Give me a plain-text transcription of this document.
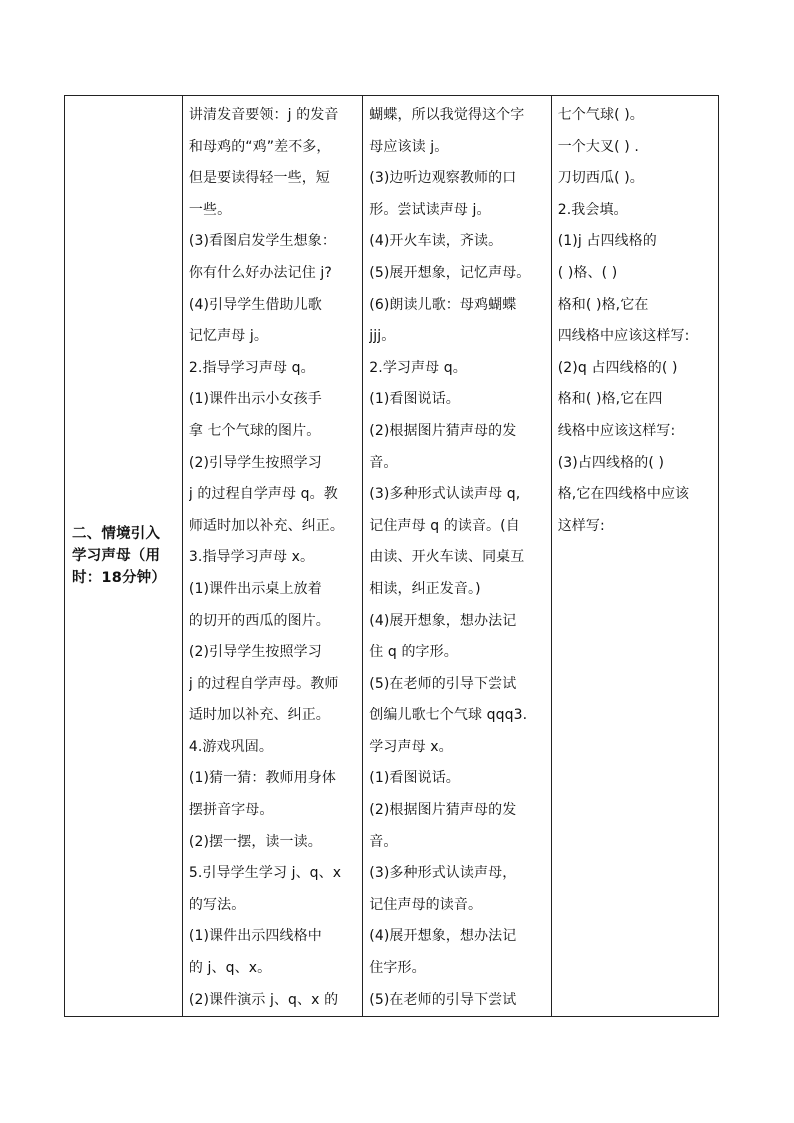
二、情境引入
学习声母（用
时：18分钟）

讲清发音要领：j 的发音
和母鸡的“鸡”差不多，
但是要读得轻一些，短
一些。
(3)看图启发学生想象：
你有什么好办法记住 j?
(4)引导学生借助儿歌
记忆声母 j。
2.指导学习声母 q。
(1)课件出示小女孩手
拿 七个气球的图片。
(2)引导学生按照学习
j 的过程自学声母 q。教
师适时加以补充、纠正。
3.指导学习声母 x。
(1)课件出示桌上放着
的切开的西瓜的图片。
(2)引导学生按照学习
j 的过程自学声母。教师
适时加以补充、纠正。
4.游戏巩固。
(1)猜一猜：教师用身体
摆拼音字母。
(2)摆一摆，读一读。
5.引导学生学习 j、q、x
的写法。
(1)课件出示四线格中
的 j、q、x。
(2)课件演示 j、q、x 的

蝴蝶，所以我觉得这个字
母应该读 j。
(3)边听边观察教师的口
形。尝试读声母 j。
(4)开火车读，齐读。
(5)展开想象，记忆声母。
(6)朗读儿歌：母鸡蝴蝶
jjj。
2.学习声母 q。
(1)看图说话。
(2)根据图片猜声母的发
音。
(3)多种形式认读声母 q,
记住声母 q 的读音。(自
由读、开火车读、同桌互
相读，纠正发音。)
(4)展开想象，想办法记
住 q 的字形。
(5)在老师的引导下尝试
创编儿歌七个气球 qqq3.
学习声母 x。
(1)看图说话。
(2)根据图片猜声母的发
音。
(3)多种形式认读声母，
记住声母的读音。
(4)展开想象，想办法记
住字形。
(5)在老师的引导下尝试

七个气球( )。
一个大叉( ) .
刀切西瓜( )。
2.我会填。
(1)j 占四线格的
( )格、( )
格和( )格,它在
四线格中应该这样写:
(2)q 占四线格的( )
格和( )格,它在四
线格中应该这样写:
(3)占四线格的( )
格,它在四线格中应该
这样写:
